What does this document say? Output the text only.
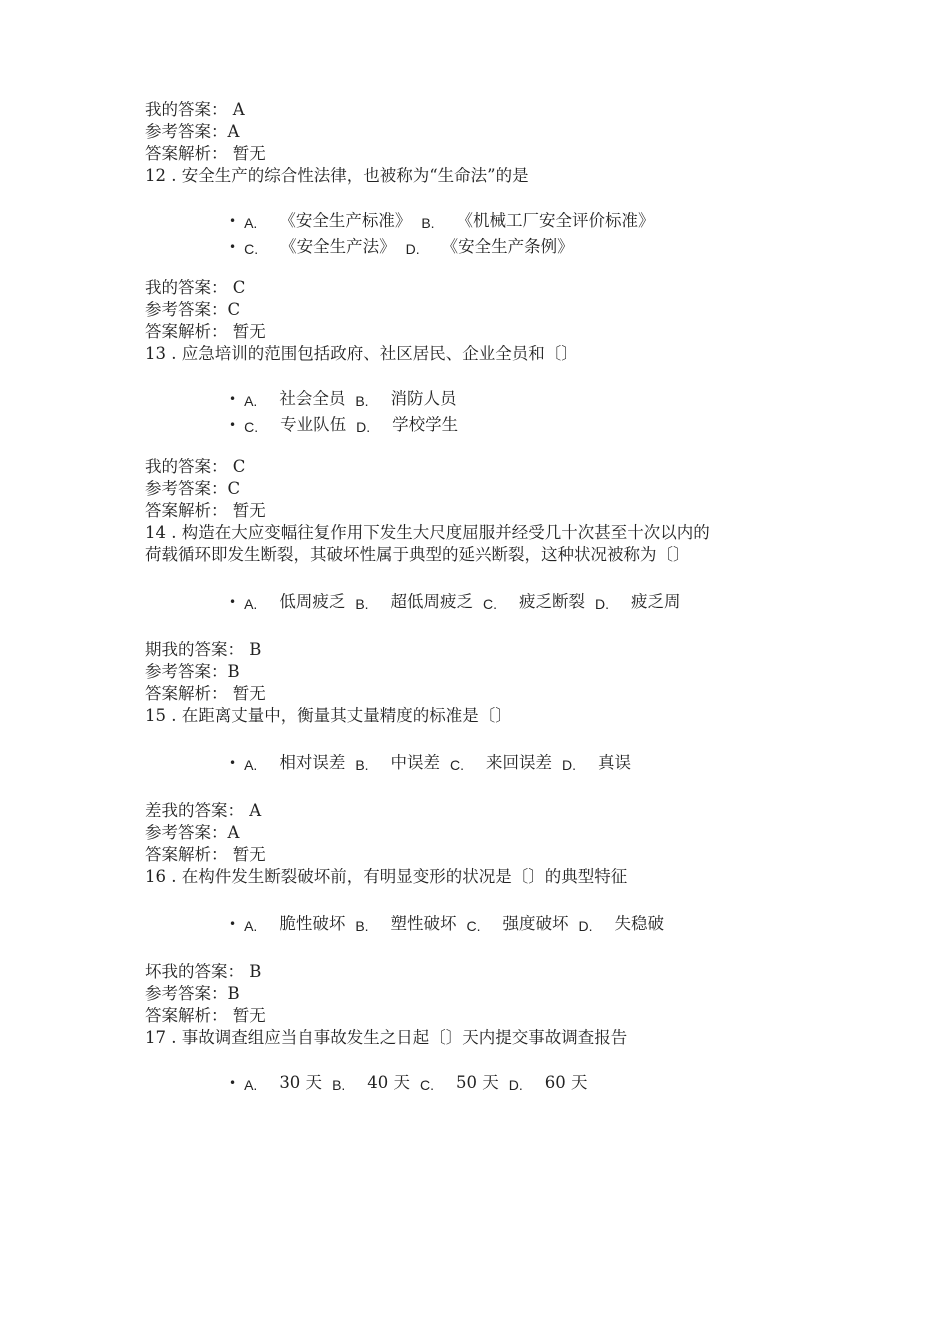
我的答案： A
参考答案：A
答案解析： 暂无
12 . 安全生产的综合性法律，也被称为“生命法”的是
• A. 《安全生产标准》 B. 《机械工厂安全评价标准》
• C. 《安全生产法》 D. 《安全生产条例》
我的答案： C
参考答案：C
答案解析： 暂无
13 . 应急培训的范围包括政府、社区居民、企业全员和〔〕
• A. 社会全员 B. 消防人员
• C. 专业队伍 D. 学校学生
我的答案： C
参考答案：C
答案解析： 暂无
14 . 构造在大应变幅往复作用下发生大尺度屈服并经受几十次甚至十次以内的
荷载循环即发生断裂，其破坏性属于典型的延兴断裂，这种状况被称为〔〕
• A. 低周疲乏 B. 超低周疲乏 C. 疲乏断裂 D. 疲乏周
期我的答案： B
参考答案：B
答案解析： 暂无
15 . 在距离丈量中，衡量其丈量精度的标准是〔〕
• A. 相对误差 B. 中误差 C. 来回误差 D. 真误
差我的答案： A
参考答案：A
答案解析： 暂无
16 . 在构件发生断裂破坏前，有明显变形的状况是〔〕的典型特征
• A. 脆性破坏 B. 塑性破坏 C. 强度破坏 D. 失稳破
坏我的答案： B
参考答案：B
答案解析： 暂无
17 . 事故调查组应当自事故发生之日起〔〕天内提交事故调查报告
• A. 30 天 B. 40 天 C. 50 天 D. 60 天
